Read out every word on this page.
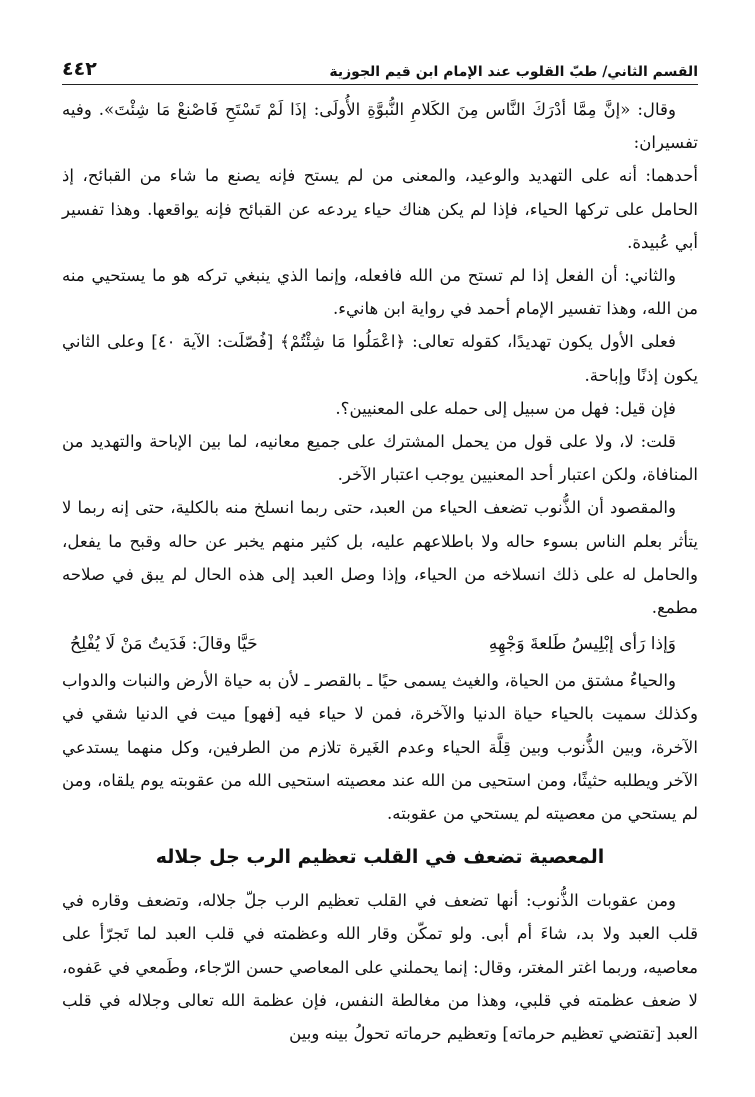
القسم الثاني/ طبّ القلوب عند الإمام ابن قيم الجوزية
٤٤٢

وقال: «إنَّ مِمَّا أدْرَكَ النَّاس مِنَ الكَلامِ النُّبوَّةِ الأُولَى: إذَا لَمْ تَسْتَحِ فَاصْنعْ مَا شِئْتَ». وفيه تفسيران:

أحدهما: أنه على التهديد والوعيد، والمعنى من لم يستح فإنه يصنع ما شاء من القبائح، إذ الحامل على تركها الحياء، فإذا لم يكن هناك حياء يردعه عن القبائح فإنه يواقعها. وهذا تفسير أبي عُبيدة.

والثاني: أن الفعل إذا لم تستح من الله فافعله، وإنما الذي ينبغي تركه هو ما يستحيي منه من الله، وهذا تفسير الإمام أحمد في رواية ابن هانيء.

فعلى الأول يكون تهديدًا، كقوله تعالى: ﴿اعْمَلُوا مَا شِئْتُمْ﴾ [فُصّلَت: الآية ٤٠] وعلى الثاني يكون إذنًا وإباحة.

فإن قيل: فهل من سبيل إلى حمله على المعنيين؟.

قلت: لا، ولا على قول من يحمل المشترك على جميع معانيه، لما بين الإباحة والتهديد من المنافاة، ولكن اعتبار أحد المعنيين يوجب اعتبار الآخر.

والمقصود أن الذُّنوب تضعف الحياء من العبد، حتى ربما انسلخ منه بالكلية، حتى إنه ربما لا يتأثر بعلم الناس بسوء حاله ولا باطلاعهم عليه، بل كثير منهم يخبر عن حاله وقبح ما يفعل، والحامل له على ذلك انسلاخه من الحياء، وإذا وصل العبد إلى هذه الحال لم يبق في صلاحه مطمع.

وَإذا رَأى إبْلِيسُ طَلعةَ وَجْهِهِ
حَيَّا وقالَ: فَدَيتُ مَنْ لَا يُفْلِحُ

والحياءُ مشتق من الحياة، والغيث يسمى حيًا ـ بالقصر ـ لأن به حياة الأرض والنبات والدواب وكذلك سميت بالحياء حياة الدنيا والآخرة، فمن لا حياء فيه [فهو] ميت في الدنيا شقي في الآخرة، وبين الذُّنوب وبين قِلَّة الحياء وعدم الغَيرة تلازم من الطرفين، وكل منهما يستدعي الآخر ويطلبه حثيثًا، ومن استحيى من الله عند معصيته استحيى الله من عقوبته يوم يلقاه، ومن لم يستحي من معصيته لم يستحي من عقوبته.

المعصية تضعف في القلب تعظيم الرب جل جلاله

ومن عقوبات الذُّنوب: أنها تضعف في القلب تعظيم الرب جلّ جلاله، وتضعف وقاره في قلب العبد ولا بد، شاءَ أم أبى. ولو تمكّن وقار الله وعظمته في قلب العبد لما تَجرّأ على معاصيه، وربما اغتر المغتر، وقال: إنما يحملني على المعاصي حسن الرّجاء، وطَمعي في عَفوه، لا ضعف عظمته في قلبي، وهذا من مغالطة النفس، فإن عظمة الله تعالى وجلاله في قلب العبد [تقتضي تعظيم حرماته] وتعظيم حرماته تحولُ بينه وبين
